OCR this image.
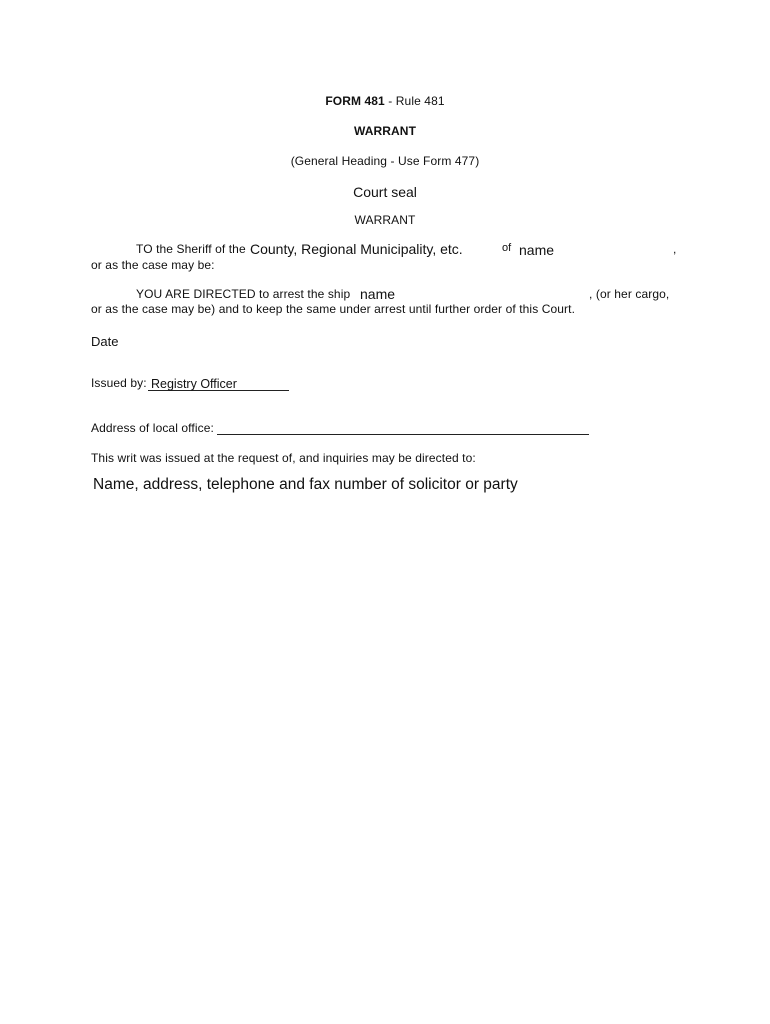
FORM 481 - Rule 481
WARRANT
(General Heading - Use Form 477)
Court seal
WARRANT
TO the Sheriff of the County, Regional Municipality, etc.	of name	,
or as the case may be:
YOU ARE DIRECTED to arrest the ship name	, (or her cargo,
or as the case may be) and to keep the same under arrest until further order of this Court.
Date
Issued by: Registry Officer
Address of local office:
This writ was issued at the request of, and inquiries may be directed to:
Name, address, telephone and fax number of solicitor or party
